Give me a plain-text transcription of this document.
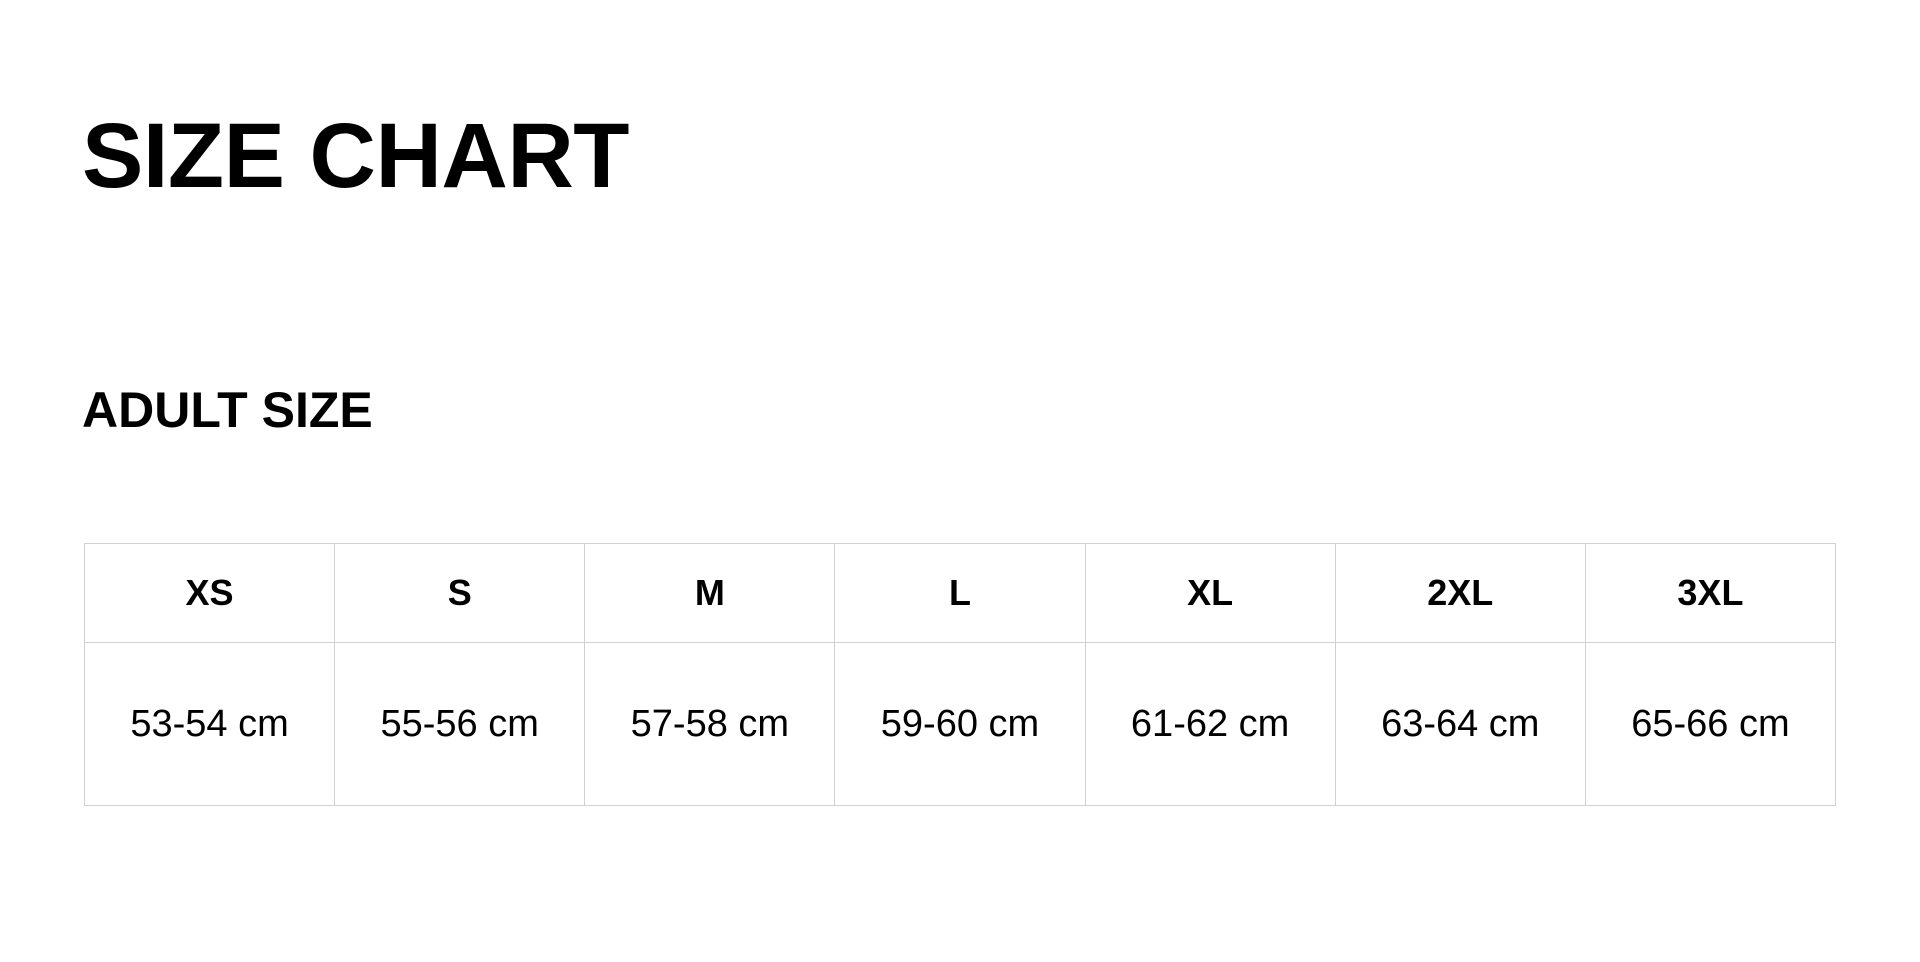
SIZE CHART
ADULT SIZE
XS	S	M	L	XL	2XL	3XL

53-54 cm	55-56 cm	57-58 cm	59-60 cm	61-62 cm	63-64 cm	65-66 cm
